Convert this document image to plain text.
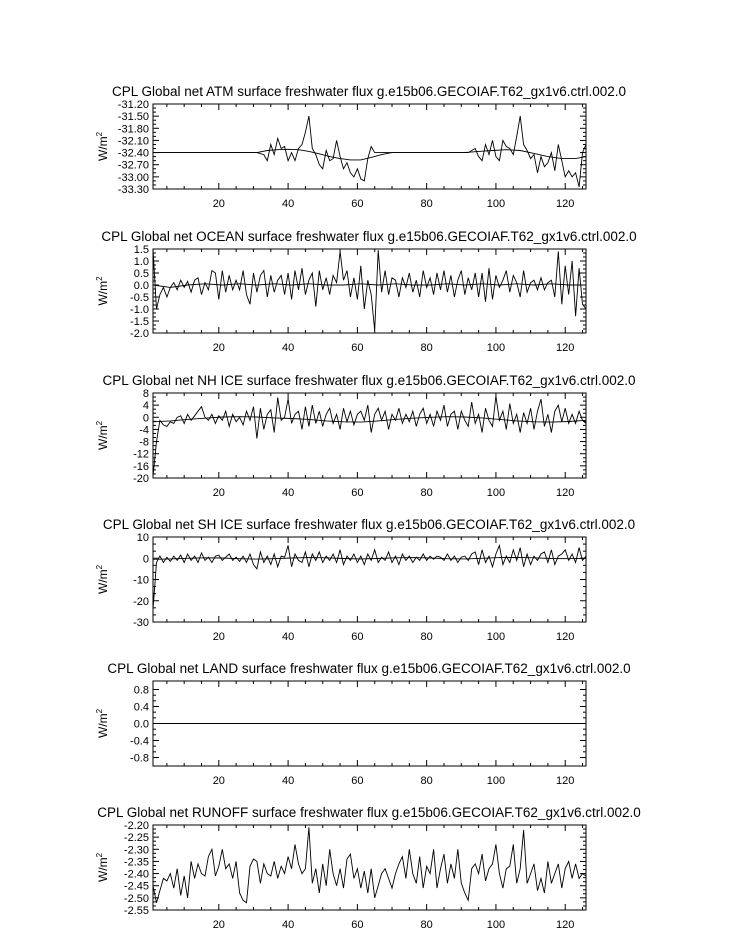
CPL Global net ATM surface freshwater flux g.e15b06.GECOIAF.T62_gx1v6.ctrl.002.0
20	40	60	80	100	120
-31.20
-31.50
-31.80
-32.10
-32.40
-32.70
-33.00
-33.30
$W/m^2$
CPL Global net OCEAN surface freshwater flux g.e15b06.GECOIAF.T62_gx1v6.ctrl.002.0
20	40	60	80	100	120
1.5
1.0
0.5
0.0
-0.5
-1.0
-1.5
-2.0
$W/m^2$
CPL Global net NH ICE surface freshwater flux g.e15b06.GECOIAF.T62_gx1v6.ctrl.002.0
20	40	60	80	100	120
8
4
0
-4
-8
-12
-16
-20
$W/m^2$
CPL Global net SH ICE surface freshwater flux g.e15b06.GECOIAF.T62_gx1v6.ctrl.002.0
20	40	60	80	100	120
10
0
-10
-20
-30
$W/m^2$
CPL Global net LAND surface freshwater flux g.e15b06.GECOIAF.T62_gx1v6.ctrl.002.0
20	40	60	80	100	120
0.8
0.4
0.0
-0.4
-0.8
$W/m^2$
CPL Global net RUNOFF surface freshwater flux g.e15b06.GECOIAF.T62_gx1v6.ctrl.002.0
20	40	60	80	100	120
-2.20
-2.25
-2.30
-2.35
-2.40
-2.45
-2.50
-2.55
$W/m^2$
